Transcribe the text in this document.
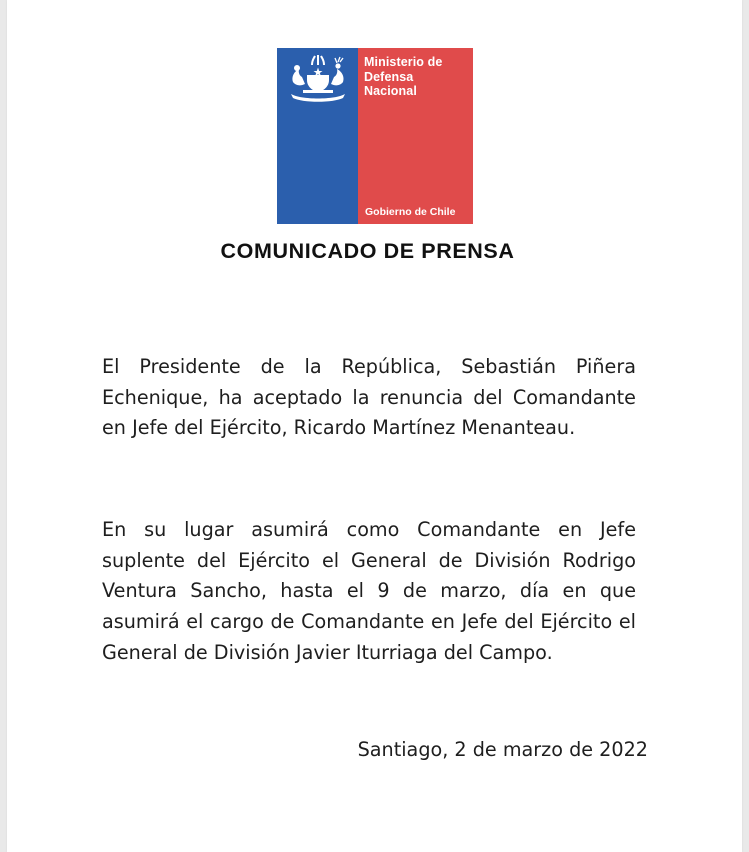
Ministerio de
Defensa
Nacional
Gobierno de Chile
COMUNICADO DE PRENSA

El Presidente de la República, Sebastián Piñera Echenique, ha aceptado la renuncia del Comandante en Jefe del Ejército, Ricardo Martínez Menanteau.

En su lugar asumirá como Comandante en Jefe suplente del Ejército el General de División Rodrigo Ventura Sancho, hasta el 9 de marzo, día en que asumirá el cargo de Comandante en Jefe del Ejército el General de División Javier Iturriaga del Campo.

Santiago, 2 de marzo de 2022
